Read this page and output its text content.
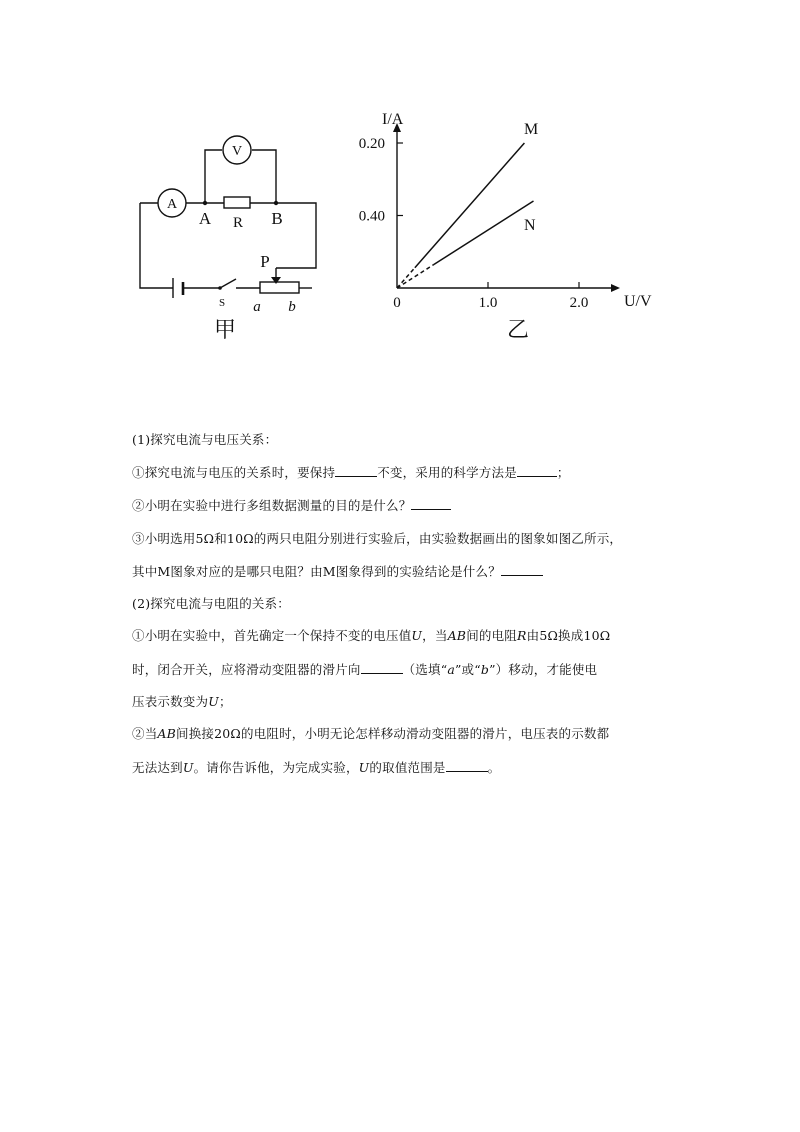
V
A
A	B
R
P
S a b
甲
I/A
U/V
0
0.40
0.20
1.0	2.0
M
N
乙
(1)探究电流与电压关系：
①探究电流与电压的关系时，要保持	不变，采用的科学方法是	；
②小明在实验中进行多组数据测量的目的是什么？
③小明选用5Ω和10Ω的两只电阻分别进行实验后，由实验数据画出的图象如图乙所示，
其中M图象对应的是哪只电阻？由M图象得到的实验结论是什么？
(2)探究电流与电阻的关系：
①小明在实验中，首先确定一个保持不变的电压值U，当AB间的电阻R由5Ω换成10Ω
时，闭合开关，应将滑动变阻器的滑片向	（选填“a”或“b”）移动，才能使电
压表示数变为U；
②当AB间换接20Ω的电阻时，小明无论怎样移动滑动变阻器的滑片，电压表的示数都
无法达到U。请你告诉他，为完成实验，U的取值范围是	。
